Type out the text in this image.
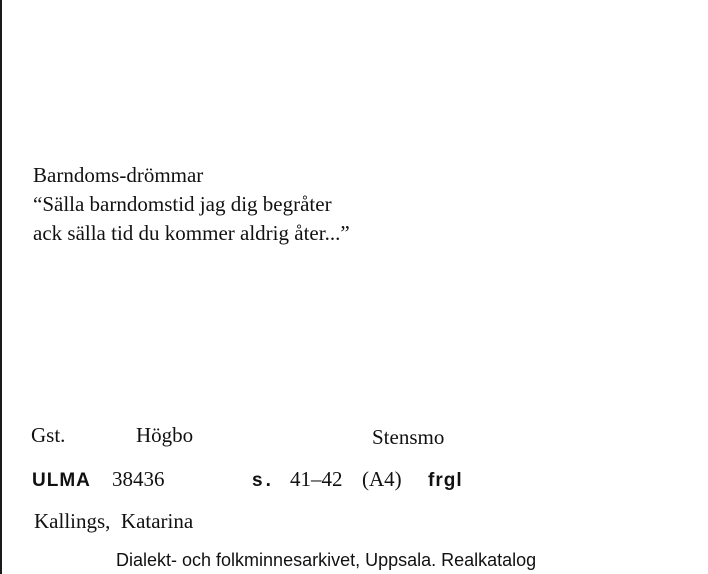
Barndoms-drömmar
“Sälla barndomstid jag dig begråter
ack sälla tid du kommer aldrig åter...”
Gst.	Högbo	Stensmo
ULMA 38436	s. 41–42 (A4) frgl
Kallings,  Katarina
Dialekt- och folkminnesarkivet, Uppsala. Realkatalog
